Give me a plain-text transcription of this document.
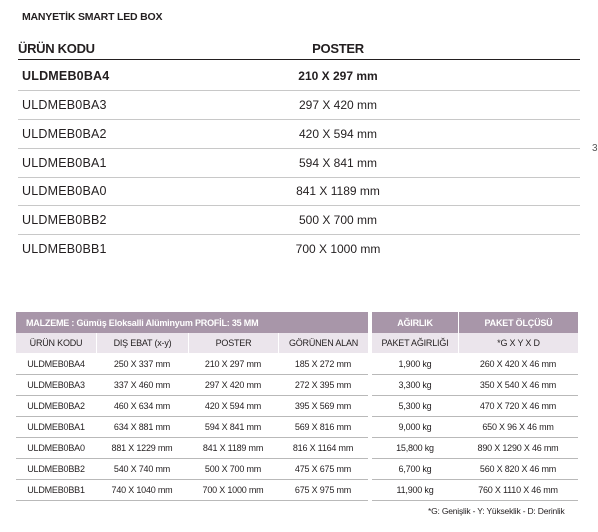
MANYETİK SMART LED BOX
ÜRÜN KODU	POSTER
ULDMEB0BA4	210 X 297 mm
ULDMEB0BA3	297 X 420 mm
ULDMEB0BA2	420 X 594 mm
ULDMEB0BA1	594 X 841 mm
ULDMEB0BA0	841 X 1189 mm
ULDMEB0BB2	500 X 700 mm
ULDMEB0BB1	700 X 1000 mm
3
MALZEME : Gümüş Eloksalli Alüminyum PROFİL: 35 MM			
ÜRÜN KODU	DIŞ EBAT (x-y)	POSTER	GÖRÜNEN ALAN
ULDMEB0BA4	250 X 337 mm	210 X 297 mm	185 X 272 mm
ULDMEB0BA3	337 X 460 mm	297 X 420 mm	272 X 395 mm
ULDMEB0BA2	460 X 634 mm	420 X 594 mm	395 X 569 mm
ULDMEB0BA1	634 X 881 mm	594 X 841 mm	569 X 816 mm
ULDMEB0BA0	881 X 1229 mm	841 X 1189 mm	816 X 1164 mm
ULDMEB0BB2	540 X 740 mm	500 X 700 mm	475 X 675 mm
ULDMEB0BB1	740 X 1040 mm	700 X 1000 mm	675 X 975 mm
AĞIRLIK	PAKET ÖLÇÜSÜ
PAKET AĞIRLIĞI	*G X Y X D
1,900 kg	260 X 420 X 46 mm
3,300 kg	350 X 540 X 46 mm
5,300 kg	470 X 720 X 46 mm
9,000 kg	650 X 96 X 46 mm
15,800 kg	890 X 1290 X 46 mm
6,700 kg	560 X 820 X 46 mm
11,900 kg	760 X 1110 X 46 mm
*G: Genişlik - Y: Yükseklik - D: Derinlik
